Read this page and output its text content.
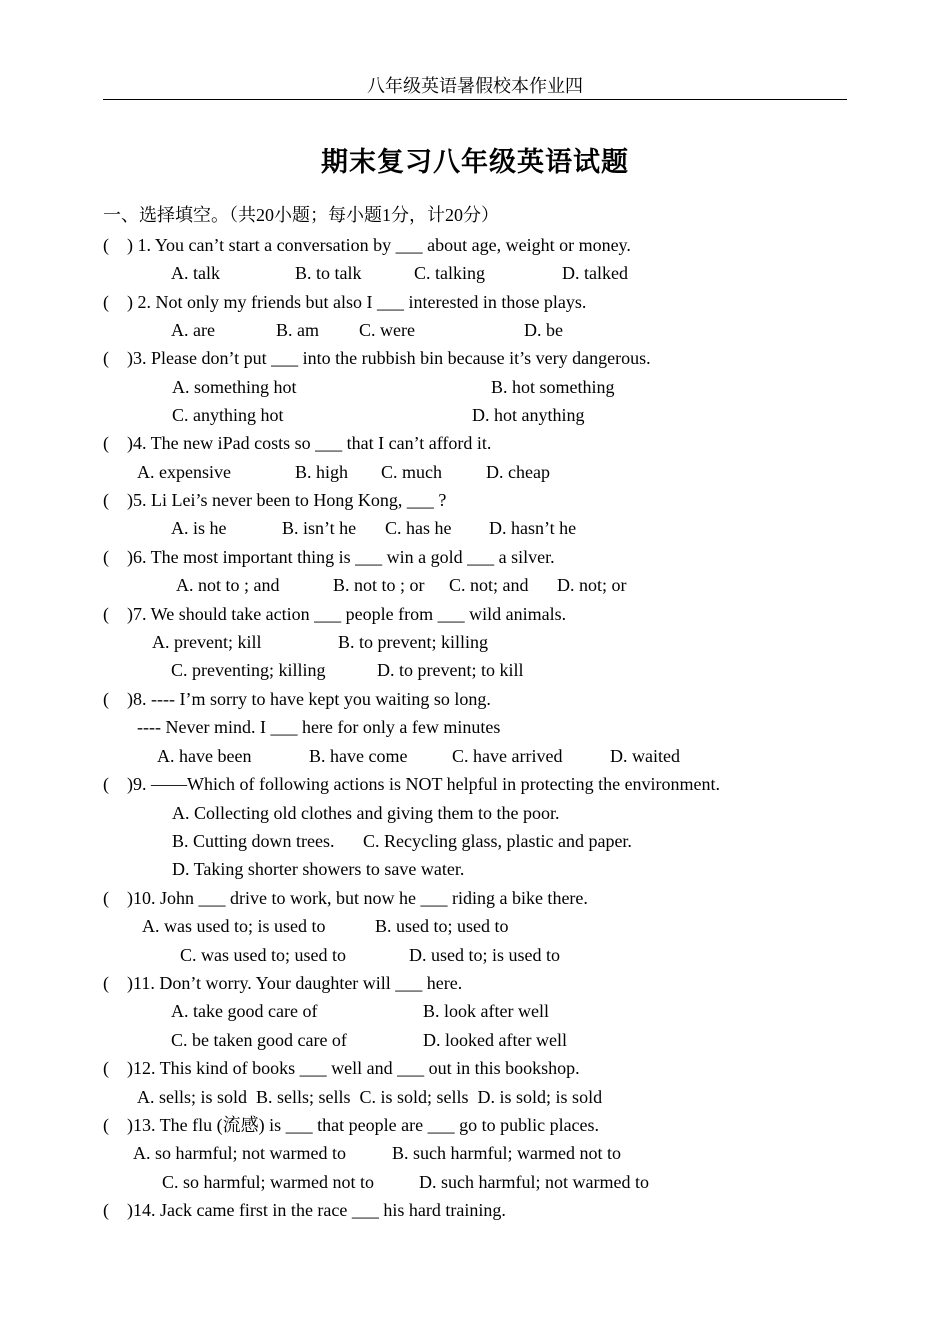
八年级英语暑假校本作业四
期末复习八年级英语试题
一、选择填空。（共20小题；每小题1分，计20分）
(    ) 1. You can’t start a conversation by ___ about age, weight or money.
A. talk	B. to talk	C. talking	D. talked
(    ) 2. Not only my friends but also I ___ interested in those plays.
A. are	B. am C. were	D. be
(    )3. Please don’t put ___ into the rubbish bin because it’s very dangerous.
A. something hot	B. hot something
C. anything hot	D. hot anything
(    )4. The new iPad costs so ___ that I can’t afford it.
A. expensive	B. high C. much D. cheap
(    )5. Li Lei’s never been to Hong Kong, ___ ?
A. is he	B. isn’t he C. has he D. hasn’t he
(    )6. The most important thing is ___ win a gold ___ a silver.
A. not to ; and	B. not to ; or C. not; and D. not; or
(    )7. We should take action ___ people from ___ wild animals.
A. prevent; kill	B. to prevent; killing
C. preventing; killing	D. to prevent; to kill
(    )8. ---- I’m sorry to have kept you waiting so long.
---- Never mind. I ___ here for only a few minutes
A. have been	B. have come C. have arrived	D. waited
(    )9. ——Which of following actions is NOT helpful in protecting the environment.
A. Collecting old clothes and giving them to the poor.
B. Cutting down trees. C. Recycling glass, plastic and paper.
D. Taking shorter showers to save water.
(    )10. John ___ drive to work, but now he ___ riding a bike there.
A. was used to; is used to	B. used to; used to
C. was used to; used to	D. used to; is used to
(    )11. Don’t worry. Your daughter will ___ here.
A. take good care of	B. look after well
C. be taken good care of	D. looked after well
(    )12. This kind of books ___ well and ___ out in this bookshop.
A. sells; is sold  B. sells; sells  C. is sold; sells  D. is sold; is sold
(    )13. The flu (流感) is ___ that people are ___ go to public places.
A. so harmful; not warmed to	B. such harmful; warmed not to
C. so harmful; warmed not to	D. such harmful; not warmed to
(    )14. Jack came first in the race ___ his hard training.
